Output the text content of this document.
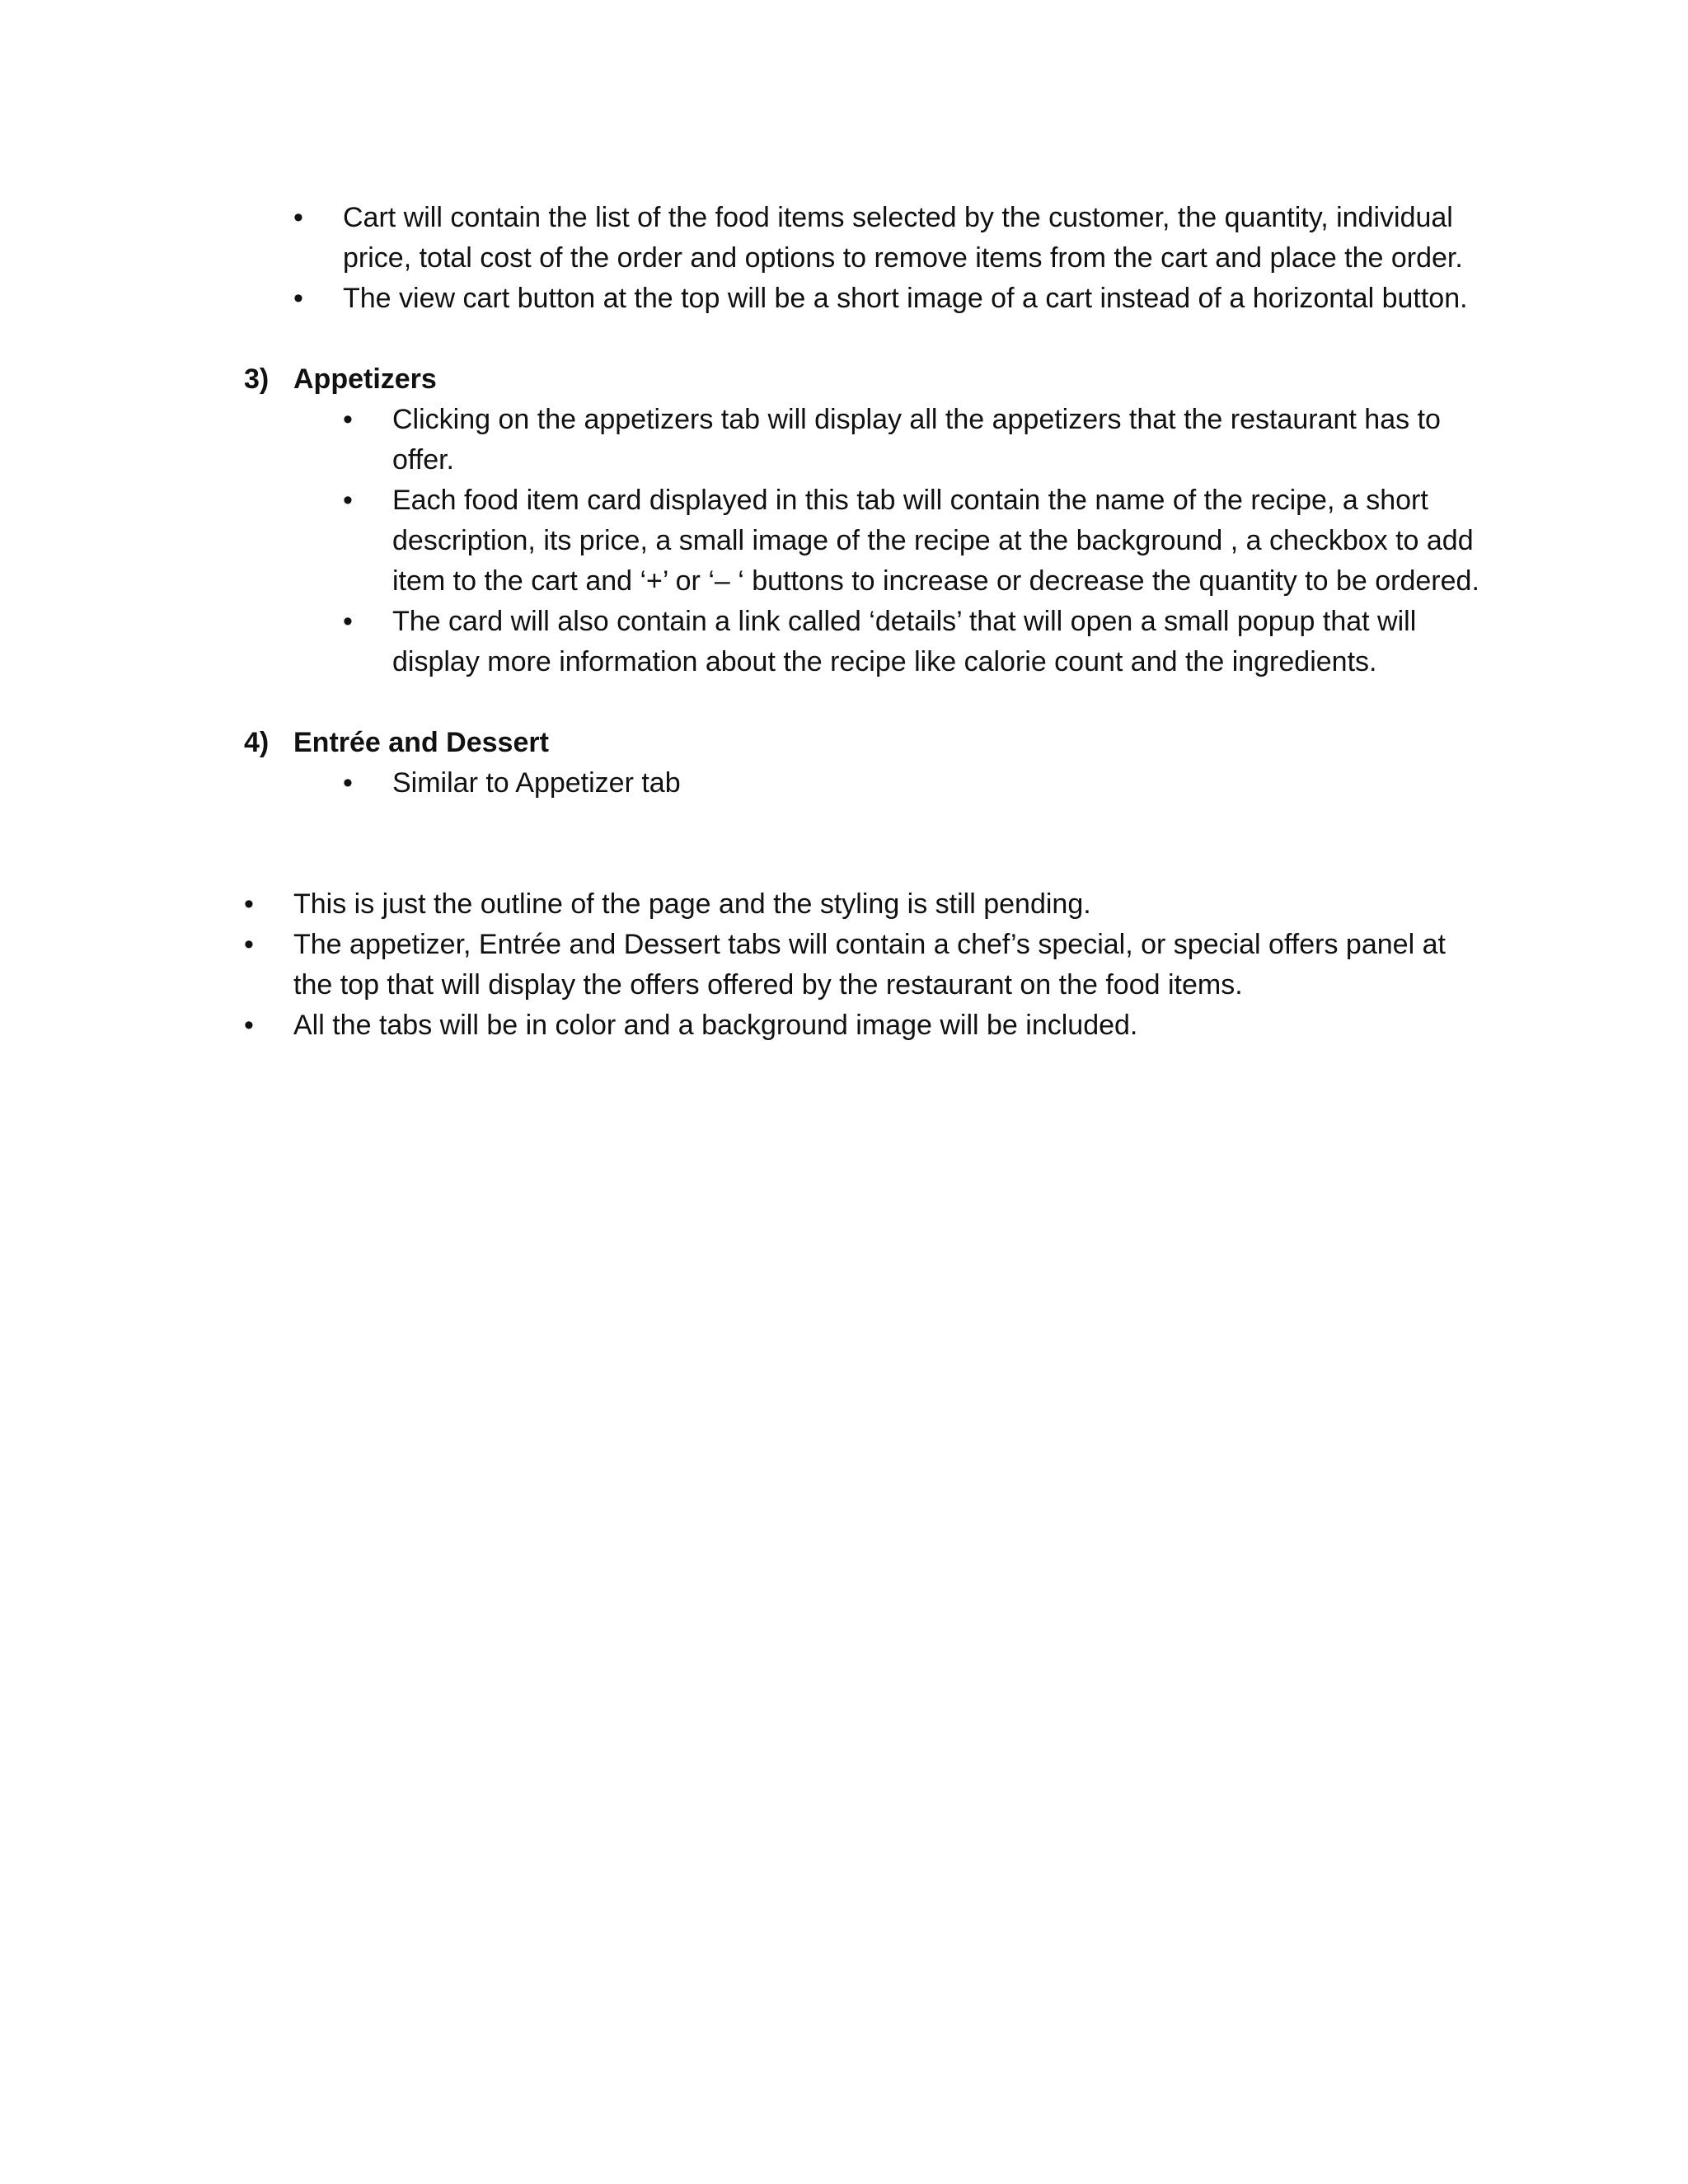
• Cart will contain the list of the food items selected by the customer, the quantity, individual price, total cost of the order and options to remove items from the cart and place the order.
• The view cart button at the top will be a short image of a cart instead of a horizontal button.
3) Appetizers
• Clicking on the appetizers tab will display all the appetizers that the restaurant has to offer.
• Each food item card displayed in this tab will contain the name of the recipe, a short description, its price, a small image of the recipe at the background , a checkbox to add item to the cart and ‘+’ or ‘– ‘ buttons to increase or decrease the quantity to be ordered.
• The card will also contain a link called ‘details’ that will open a small popup that will display more information about the recipe like calorie count and the ingredients.
4) Entrée and Dessert
• Similar to Appetizer tab
• This is just the outline of the page and the styling is still pending.
• The appetizer, Entrée and Dessert tabs will contain a chef’s special, or special offers panel at the top that will display the offers offered by the restaurant on the food items.
• All the tabs will be in color and a background image will be included.
